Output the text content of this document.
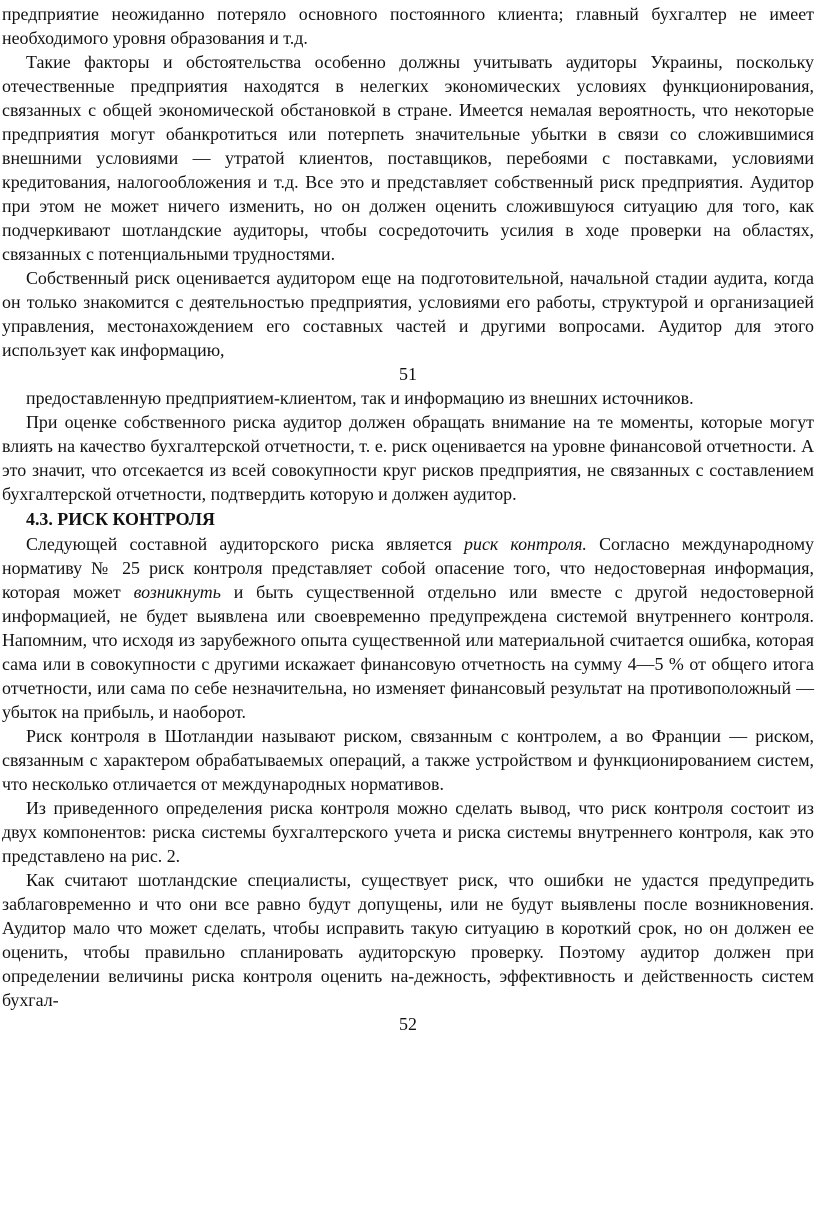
предприятие неожиданно потеряло основного постоянного клиента; главный бухгалтер не имеет необходимого уровня образования и т.д.

Такие факторы и обстоятельства особенно должны учитывать аудиторы Украины, поскольку отечественные предприятия находятся в нелегких экономических условиях функционирования, связанных с общей экономической обстановкой в стране. Имеется немалая вероятность, что некоторые предприятия могут обанкротиться или потерпеть значительные убытки в связи со сложившимися внешними условиями — утратой клиентов, поставщиков, перебоями с поставками, условиями кредитования, налогообложения и т.д. Все это и представляет собственный риск предприятия. Аудитор при этом не может ничего изменить, но он должен оценить сложившуюся ситуацию для того, как подчеркивают шотландские аудиторы, чтобы сосредоточить усилия в ходе проверки на областях, связанных с потенциальными трудностями.

Собственный риск оценивается аудитором еще на подготовительной, начальной стадии аудита, когда он только знакомится с деятельностью предприятия, условиями его работы, структурой и организацией управления, местонахождением его составных частей и другими вопросами. Аудитор для этого использует как информацию,

51

предоставленную предприятием-клиентом, так и информацию из внешних источников.

При оценке собственного риска аудитор должен обращать внимание на те моменты, которые могут влиять на качество бухгалтерской отчетности, т. е. риск оценивается на уровне финансовой отчетности. А это значит, что отсекается из всей совокупности круг рисков предприятия, не связанных с составлением бухгалтерской отчетности, подтвердить которую и должен аудитор.

4.3. РИСК КОНТРОЛЯ

Следующей составной аудиторского риска является риск контроля. Согласно международному нормативу № 25 риск контроля представляет собой опасение того, что недостоверная информация, которая может возникнуть и быть существенной отдельно или вместе с другой недостоверной информацией, не будет выявлена или своевременно предупреждена системой внутреннего контроля. Напомним, что исходя из зарубежного опыта существенной или материальной считается ошибка, которая сама или в совокупности с другими искажает финансовую отчетность на сумму 4—5 % от общего итога отчетности, или сама по себе незначительна, но изменяет финансовый результат на противоположный — убыток на прибыль, и наоборот.

Риск контроля в Шотландии называют риском, связанным с контролем, а во Франции — риском, связанным с характером обрабатываемых операций, а также устройством и функционированием систем, что несколько отличается от международных нормативов.

Из приведенного определения риска контроля можно сделать вывод, что риск контроля состоит из двух компонентов: риска системы бухгалтерского учета и риска системы внутреннего контроля, как это представлено на рис. 2.

Как считают шотландские специалисты, существует риск, что ошибки не удастся предупредить заблаговременно и что они все равно будут допущены, или не будут выявлены после возникновения. Аудитор мало что может сделать, чтобы исправить такую ситуацию в короткий срок, но он должен ее оценить, чтобы правильно спланировать аудиторскую проверку. Поэтому аудитор должен при определении величины риска контроля оценить на-дежность, эффективность и действенность систем бухгал-

52
